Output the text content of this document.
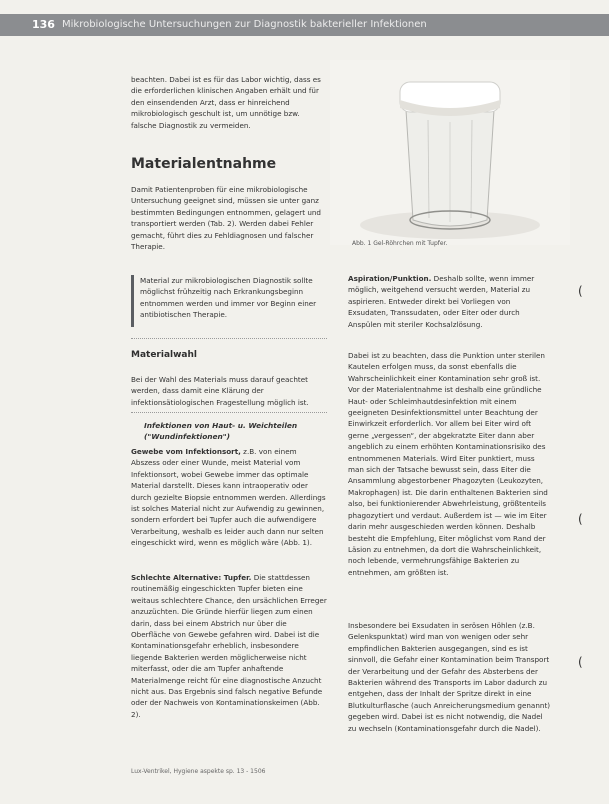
136 Mikrobiologische Untersuchungen zur Diagnostik bakterieller Infektionen

beachten. Dabei ist es für das Labor wichtig, dass es die erforderlichen klinischen Angaben erhält und für den einsendenden Arzt, dass er hinreichend mikrobiologisch geschult ist, um unnötige bzw. falsche Diagnostik zu vermeiden.

Materialentnahme

Damit Patientenproben für eine mikrobiologische Untersuchung geeignet sind, müssen sie unter ganz bestimmten Bedingungen entnommen, gelagert und transportiert werden (Tab. 2). Werden dabei Fehler gemacht, führt dies zu Fehldiagnosen und falscher Therapie.

Material zur mikrobiologischen Diagnostik sollte möglichst frühzeitig nach Erkrankungsbeginn entnommen werden und immer vor Beginn einer antibiotischen Therapie.

Abb. 1 Gel-Röhrchen mit Tupfer.
Materialwahl

Bei der Wahl des Materials muss darauf geachtet werden, dass damit eine Klärung der infektionsätiologischen Fragestellung möglich ist.

Infektionen von Haut- u. Weichteilen ("Wundinfektionen")

Gewebe vom Infektionsort, z.B. von einem Abszess oder einer Wunde, meist Material vom Infektionsort, wobei Gewebe immer das optimale Material darstellt. Dieses kann intraoperativ oder durch gezielte Biopsie entnommen werden. Allerdings ist solches Material nicht zur Aufwendig zu gewinnen, sondern erfordert bei Tupfer auch die aufwendigere Verarbeitung, weshalb es leider auch dann nur selten eingeschickt wird, wenn es möglich wäre (Abb. 1).

Schlechte Alternative: Tupfer. Die stattdessen routinemäßig eingeschickten Tupfer bieten eine weitaus schlechtere Chance, den ursächlichen Erreger anzuzüchten. Die Gründe hierfür liegen zum einen darin, dass bei einem Abstrich nur über die Oberfläche von Gewebe gefahren wird. Dabei ist die Kontaminationsgefahr erheblich, insbesondere liegende Bakterien werden möglicherweise nicht miterfasst, oder die am Tupfer anhaftende Materialmenge reicht für eine diagnostische Anzucht nicht aus. Das Ergebnis sind falsch negative Befunde oder der Nachweis von Kontaminationskeimen (Abb. 2).

Aspiration/Punktion. Deshalb sollte, wenn immer möglich, weitgehend versucht werden, Material zu aspirieren. Entweder direkt bei Vorliegen von Exsudaten, Transsudaten, oder Eiter oder durch Anspülen mit steriler Kochsalzlösung.

Dabei ist zu beachten, dass die Punktion unter sterilen Kautelen erfolgen muss, da sonst ebenfalls die Wahrscheinlichkeit einer Kontamination sehr groß ist. Vor der Materialentnahme ist deshalb eine gründliche Haut- oder Schleimhautdesinfektion mit einem geeigneten Desinfektionsmittel unter Beachtung der Einwirkzeit erforderlich. Vor allem bei Eiter wird oft gerne „vergessen“, der abgekratzte Eiter dann aber angeblich zu einem erhöhten Kontaminationsrisiko des entnommenen Materials. Wird Eiter punktiert, muss man sich der Tatsache bewusst sein, dass Eiter die Ansammlung abgestorbener Phagozyten (Leukozyten, Makrophagen) ist. Die darin enthaltenen Bakterien sind also, bei funktionierender Abwehrleistung, größtenteils phagozytiert und verdaut. Außerdem ist — wie im Eiter darin mehr ausgeschieden werden können. Deshalb besteht die Empfehlung, Eiter möglichst vom Rand der Läsion zu entnehmen, da dort die Wahrscheinlichkeit, noch lebende, vermehrungsfähige Bakterien zu entnehmen, am größten ist.

Insbesondere bei Exsudaten in serösen Höhlen (z.B. Gelenkspunktat) wird man von wenigen oder sehr empfindlichen Bakterien ausgegangen, sind es ist sinnvoll, die Gefahr einer Kontamination beim Transport der Verarbeitung und der Gefahr des Absterbens der Bakterien während des Transports im Labor dadurch zu entgehen, dass der Inhalt der Spritze direkt in eine Blutkulturflasche (auch Anreicherungsmedium genannt) gegeben wird. Dabei ist es nicht notwendig, die Nadel zu wechseln (Kontaminationsgefahr durch die Nadel).

(
(
(
Lux-Ventrikel, Hygiene aspekte sp. 13 - 1506
